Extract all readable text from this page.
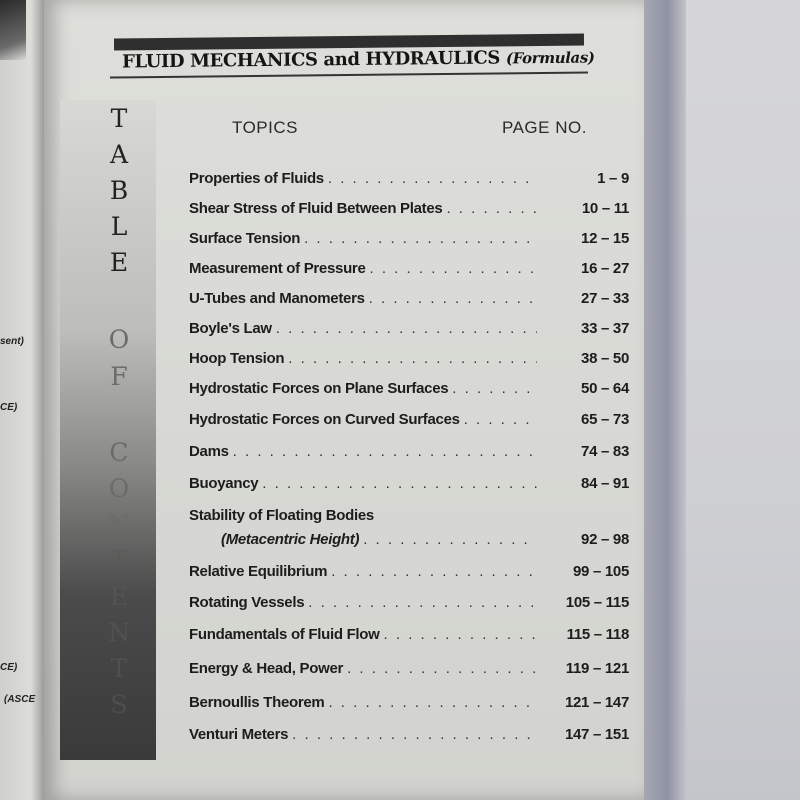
sent)
CE)
CE)
(ASCE
FLUID MECHANICS and HYDRAULICS (Formulas)
T
A
B
L
E
O
F
C
O
N
T
E
N
T
S
TOPICS	PAGE NO.
Properties of Fluids . . .	1 – 9
Shear Stress of Fluid Between Plates . . .	10 – 11
Surface Tension . . .	12 – 15
Measurement of Pressure . . .	16 – 27
U-Tubes and Manometers . . .	27 – 33
Boyle's Law . . .	33 – 37
Hoop Tension . . .	38 – 50
Hydrostatic Forces on Plane Surfaces . . .	50 – 64
Hydrostatic Forces on Curved Surfaces . . .	65 – 73
Dams . . .	74 – 83
Buoyancy . . .	84 – 91
Stability of Floating Bodies
(Metacentric Height) . . .	92 – 98
Relative Equilibrium . . .	99 – 105
Rotating Vessels . . .	105 – 115
Fundamentals of Fluid Flow . . .	115 – 118
Energy & Head, Power . . .	119 – 121
Bernoullis Theorem . . .	121 – 147
Venturi Meters . . .	147 – 151
